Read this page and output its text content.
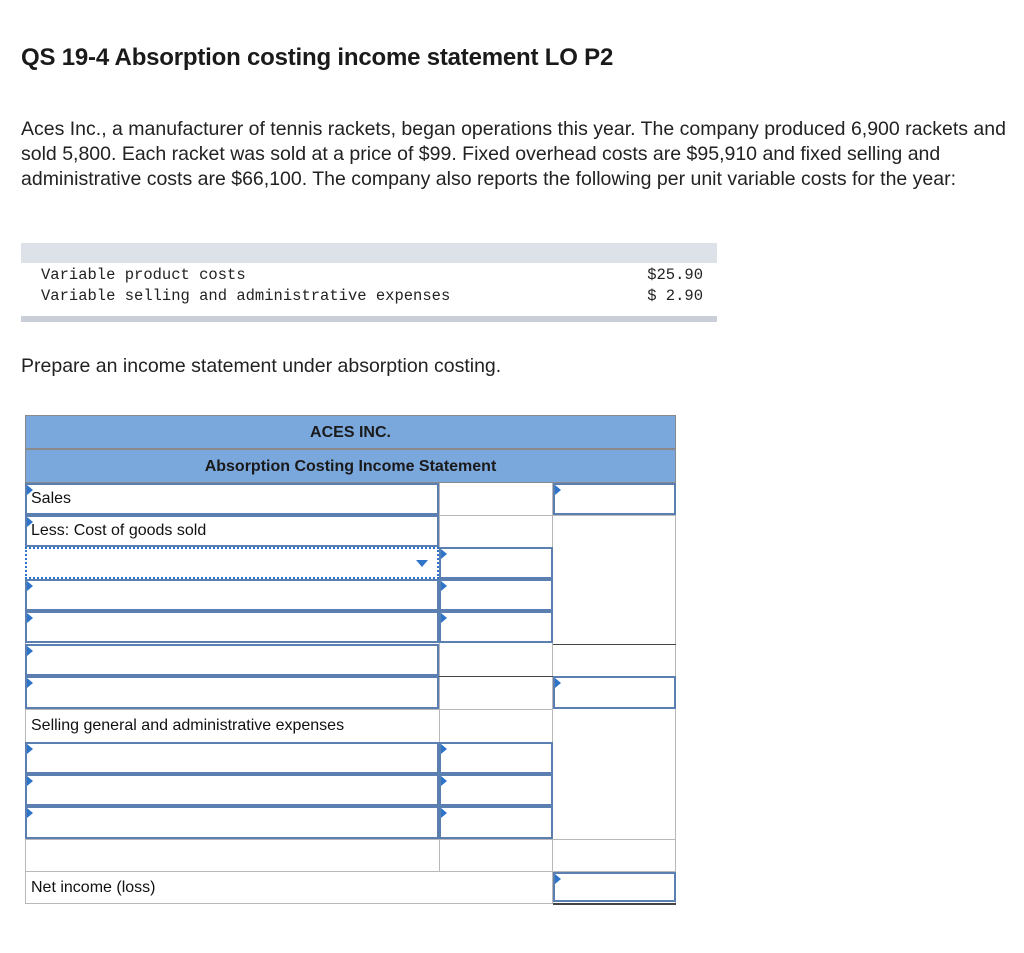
QS 19-4 Absorption costing income statement LO P2

Aces Inc., a manufacturer of tennis rackets, began operations this year. The company produced 6,900 rackets and sold 5,800. Each racket was sold at a price of $99. Fixed overhead costs are $95,910 and fixed selling and administrative costs are $66,100. The company also reports the following per unit variable costs for the year:

Variable product costs	$25.90
Variable selling and administrative expenses	$ 2.90

Prepare an income statement under absorption costing.

ACES INC.
Absorption Costing Income Statement
Sales
Less: Cost of goods sold
Selling general and administrative expenses
Net income (loss)
